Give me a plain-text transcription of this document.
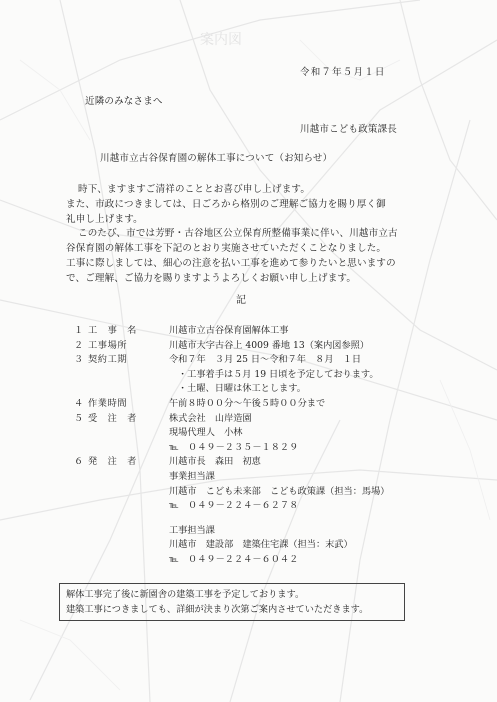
案内図
令和７年５月１日
近隣のみなさまへ
川越市こども政策課長
川越市立古谷保育園の解体工事について（お知らせ）

時下、ますますご清祥のこととお喜び申し上げます。

また、市政につきましては、日ごろから格別のご理解ご協力を賜り厚く御

礼申し上げます。

このたび、市では芳野・古谷地区公立保育所整備事業に伴い、川越市立古

谷保育園の解体工事を下記のとおり実施させていただくことなりました。

工事に際しましては、細心の注意を払い工事を進めて参りたいと思いますの

で、ご理解、ご協力を賜りますようよろしくお願い申し上げます。

記
１ 工　事　名	川越市立古谷保育園解体工事
２ 工事場所	川越市大字古谷上 4009 番地 13（案内図参照）
３ 契約工期	令和７年　３月 25 日～令和７年　８月　１日
・工事着手は５月 19 日頃を予定しております。
・土曜、日曜は休工とします。
４ 作業時間	午前８時００分～午後５時００分まで
５ 受　注　者	株式会社　山岸造園
現場代理人　小林
℡　０４９－２３５－１８２９
６ 発　注　者	川越市長　森田　初恵
事業担当課
川越市　こども未来部　こども政策課（担当：馬場）
℡　０４９－２２４－６２７８
工事担当課
川越市　建設部　建築住宅課（担当：末武）
℡　０４９－２２４－６０４２
解体工事完了後に新園舎の建築工事を予定しております。
建築工事につきましても、詳細が決まり次第ご案内させていただきます。
